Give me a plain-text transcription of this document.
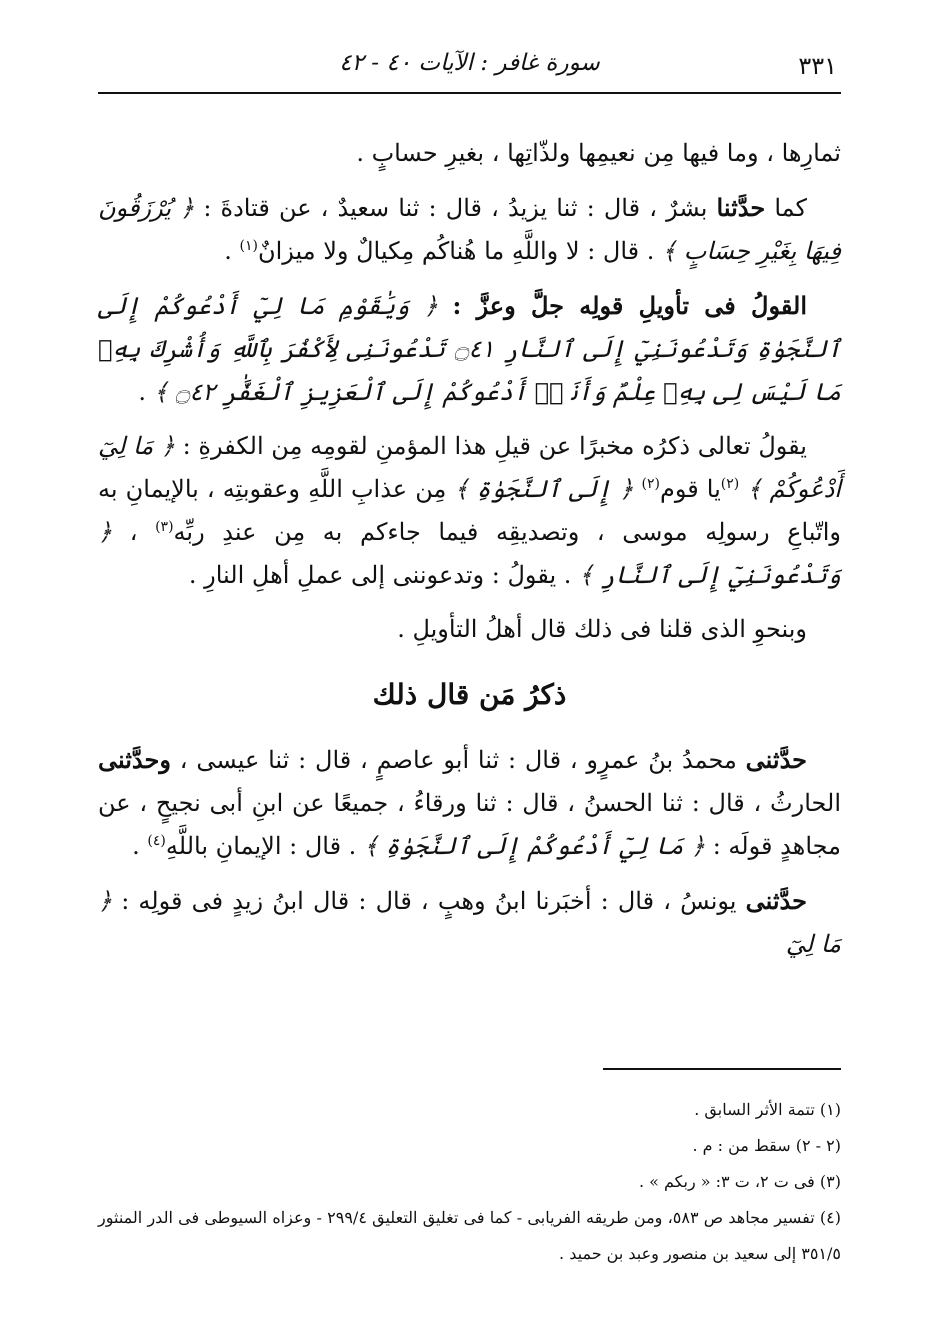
٣٣١
سورة غافر : الآيات ٤٠ - ٤٢

ثمارِها ، وما فيها مِن نعيمِها ولذّاتِها ، بغيرِ حسابٍ .

كما حدَّثنا بشرٌ ، قال : ثنا يزيدُ ، قال : ثنا سعيدٌ ، عن قتادةَ : ﴿ يُرْزَقُونَ فِيهَا بِغَيْرِ حِسَابٍ ﴾ . قال : لا واللَّهِ ما هُناكُم مِكيالٌ ولا ميزانٌ$^{(١)}$ .

القولُ فى تأويلِ قولِه جلَّ وعزَّ : ﴿ وَيَٰقَوْمِ مَا لِيٓ أَدْعُوكُمْ إِلَى ٱلنَّجَوٰةِ وَتَدْعُونَنِيٓ إِلَى ٱلنَّارِ ۝٤١ تَدْعُونَنِى لِأَكْفُرَ بِٱللَّهِ وَأُشْرِكَ بِهِۦ مَا لَيْسَ لِى بِهِۦ عِلْمٌ وَأَنَا۠ أَدْعُوكُمْ إِلَى ٱلْعَزِيزِ ٱلْغَفَّٰرِ ۝٤٢ ﴾ .

يقولُ تعالى ذكرُه مخبرًا عن قيلِ هذا المؤمنِ لقومِه مِن الكفرةِ : ﴿ مَا لِيٓ أَدْعُوكُمْ ﴾ $^{(٢)}$يا قوم$^{(٢)}$ ﴿ إِلَى ٱلنَّجَوٰةِ ﴾ مِن عذابِ اللَّهِ وعقوبتِه ، بالإيمانِ به واتّباعِ رسولِه موسى ، وتصديقِه فيما جاءكم به مِن عندِ ربِّه$^{(٣)}$ ، ﴿ وَتَدْعُونَنِيٓ إِلَى ٱلنَّارِ ﴾ . يقولُ : وتدعوننى إلى عملِ أهلِ النارِ .

وبنحوِ الذى قلنا فى ذلك قال أهلُ التأويلِ .

ذكرُ مَن قال ذلك

حدَّثنى محمدُ بنُ عمرٍو ، قال : ثنا أبو عاصمٍ ، قال : ثنا عيسى ، وحدَّثنى الحارثُ ، قال : ثنا الحسنُ ، قال : ثنا ورقاءُ ، جميعًا عن ابنِ أبى نجيحٍ ، عن مجاهدٍ قولَه : ﴿ مَا لِيٓ أَدْعُوكُمْ إِلَى ٱلنَّجَوٰةِ ﴾ . قال : الإيمانِ باللَّهِ$^{(٤)}$ .

حدَّثنى يونسُ ، قال : أخبَرنا ابنُ وهبٍ ، قال : قال ابنُ زيدٍ فى قولِه : ﴿ مَا لِيٓ

(١) تتمة الأثر السابق .

(٢ - ٢) سقط من : م .

(٣) فى ت ٢، ت ٣: « ربكم » .

(٤) تفسير مجاهد ص ٥٨٣، ومن طريقه الفريابى - كما فى تغليق التعليق ٢٩٩/٤ - وعزاه السيوطى فى الدر المنثور ٣٥١/٥ إلى سعيد بن منصور وعبد بن حميد .
